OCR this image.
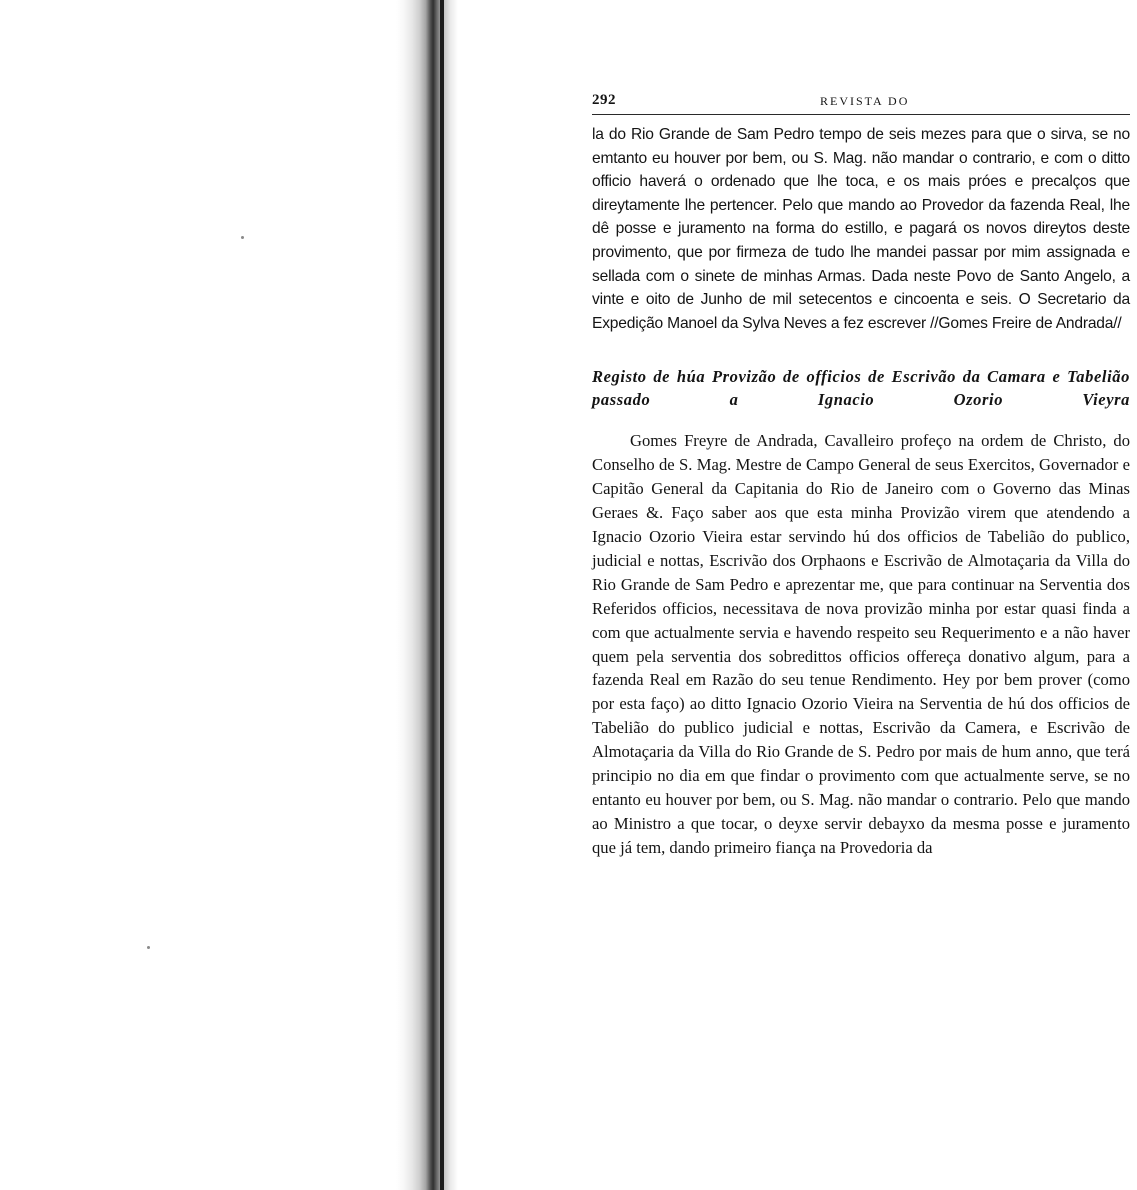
292	REVISTA DO

la do Rio Grande de Sam Pedro tempo de seis mezes para que o sirva, se no emtanto eu houver por bem, ou S. Mag. não mandar o contrario, e com o ditto officio haverá o ordenado que lhe toca, e os mais próes e precalços que direytamente lhe pertencer. Pelo que mando ao Provedor da fazenda Real, lhe dê posse e juramento na forma do estillo, e pagará os novos direytos deste provimento, que por firmeza de tudo lhe mandei passar por mim assignada e sellada com o sinete de minhas Armas. Dada neste Povo de Santo Angelo, a vinte e oito de Junho de mil setecentos e cincoenta e seis. O Secretario da Expedição Manoel da Sylva Neves a fez escrever //Gomes Freire de Andrada//

Registo de húa Provizão de officios de Escrivão da Camara e Tabelião passado a Ignacio Ozorio Vieyra

Gomes Freyre de Andrada, Cavalleiro profeço na ordem de Christo, do Conselho de S. Mag. Mestre de Campo General de seus Exercitos, Governador e Capitão General da Capitania do Rio de Janeiro com o Governo das Minas Geraes &. Faço saber aos que esta minha Provizão virem que atendendo a Ignacio Ozorio Vieira estar servindo hú dos officios de Tabelião do publico, judicial e nottas, Escrivão dos Orphaons e Escrivão de Almotaçaria da Villa do Rio Grande de Sam Pedro e aprezentar me, que para continuar na Serventia dos Referidos officios, necessitava de nova provizão minha por estar quasi finda a com que actualmente servia e havendo respeito seu Requerimento e a não haver quem pela serventia dos sobredittos officios offereça donativo algum, para a fazenda Real em Razão do seu tenue Rendimento. Hey por bem prover (como por esta faço) ao ditto Ignacio Ozorio Vieira na Serventia de hú dos officios de Tabelião do publico judicial e nottas, Escrivão da Camera, e Escrivão de Almotaçaria da Villa do Rio Grande de S. Pedro por mais de hum anno, que terá principio no dia em que findar o provimento com que actualmente serve, se no entanto eu houver por bem, ou S. Mag. não mandar o contrario. Pelo que mando ao Ministro a que tocar, o deyxe servir debayxo da mesma posse e juramento que já tem, dando primeiro fiança na Provedoria da
